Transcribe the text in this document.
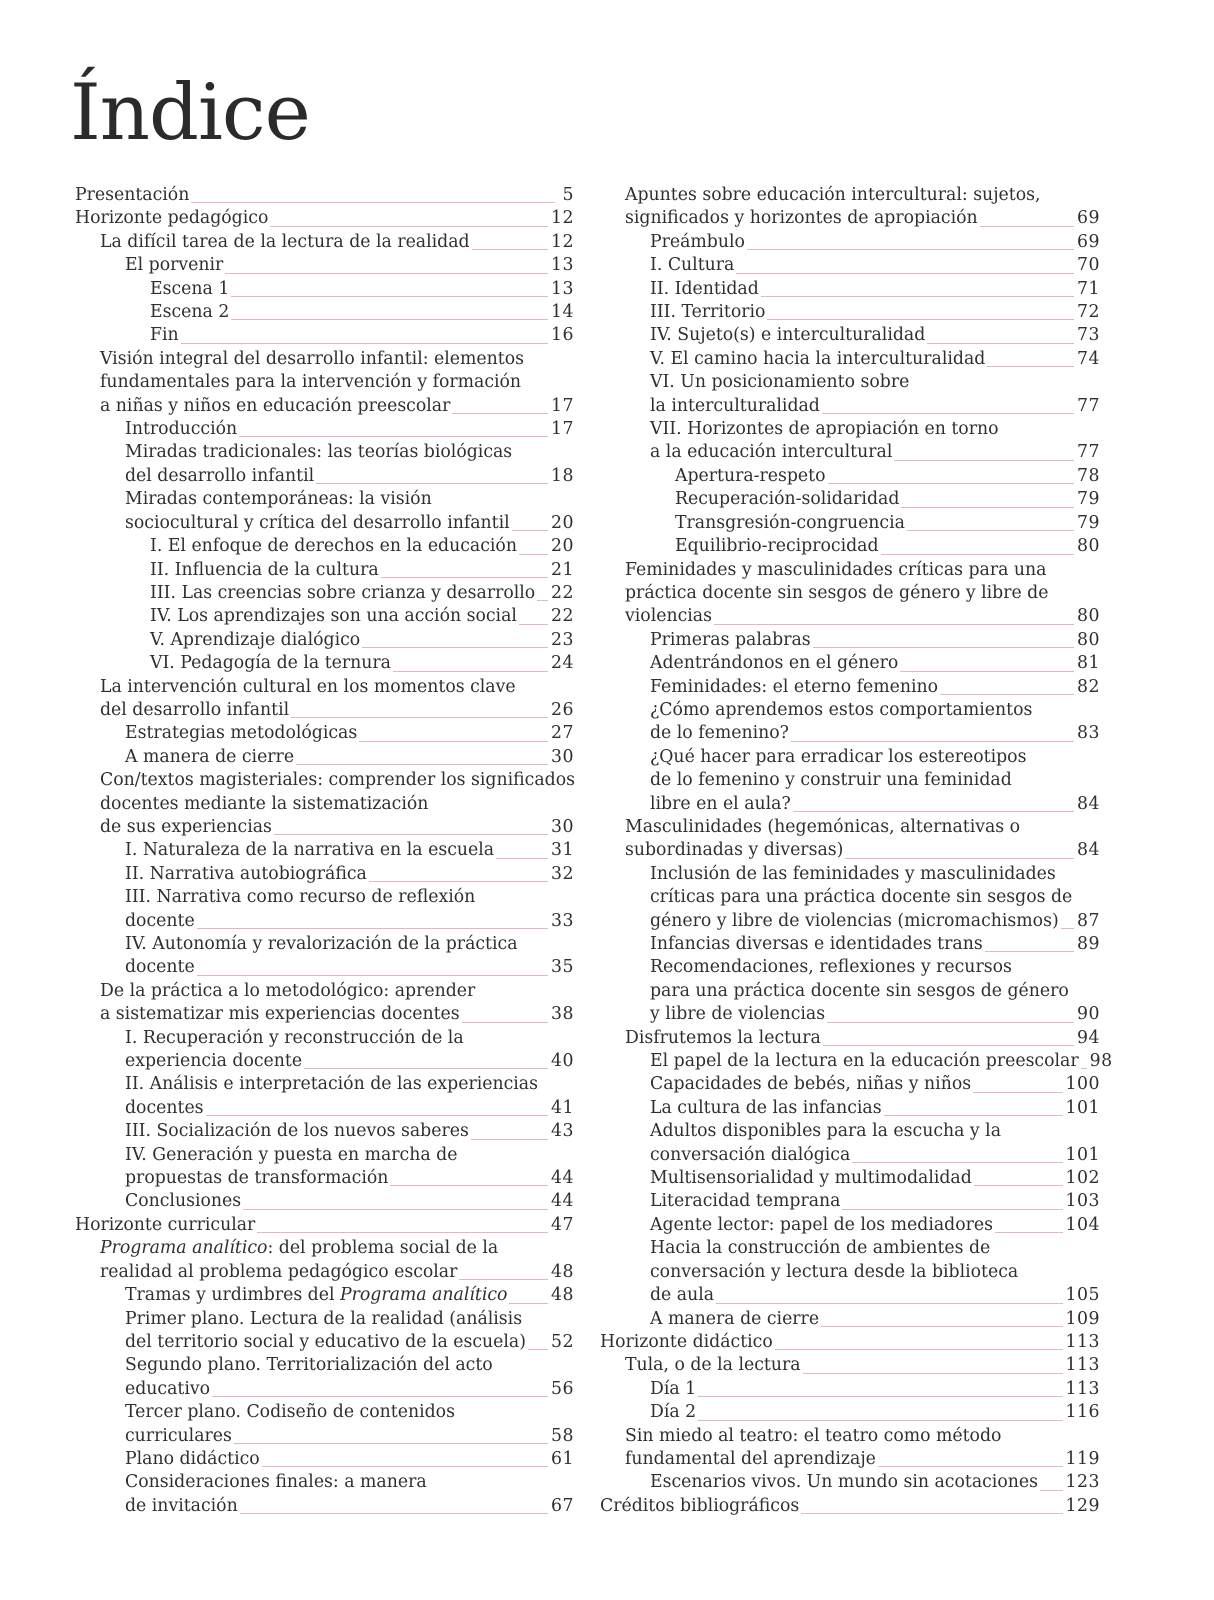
Índice
Presentación	5
Horizonte pedagógico	12
La difícil tarea de la lectura de la realidad	12
El porvenir	13
Escena 1	13
Escena 2	14
Fin	16
Visión integral del desarrollo infantil: elementos
fundamentales para la intervención y formación
a niñas y niños en educación preescolar	17
Introducción	17
Miradas tradicionales: las teorías biológicas
del desarrollo infantil	18
Miradas contemporáneas: la visión
sociocultural y crítica del desarrollo infantil 20
I. El enfoque de derechos en la educación 20
II. Influencia de la cultura	21
III. Las creencias sobre crianza y desarrollo 22
IV. Los aprendizajes son una acción social 22
V. Aprendizaje dialógico	23
VI. Pedagogía de la ternura	24
La intervención cultural en los momentos clave
del desarrollo infantil	26
Estrategias metodológicas	27
A manera de cierre	30
Con/textos magisteriales: comprender los significados
docentes mediante la sistematización
de sus experiencias	30
I. Naturaleza de la narrativa en la escuela	31
II. Narrativa autobiográfica	32
III. Narrativa como recurso de reflexión
docente	33
IV. Autonomía y revalorización de la práctica
docente	35
De la práctica a lo metodológico: aprender
a sistematizar mis experiencias docentes	38
I. Recuperación y reconstrucción de la
experiencia docente	40
II. Análisis e interpretación de las experiencias
docentes	41
III. Socialización de los nuevos saberes	43
IV. Generación y puesta en marcha de
propuestas de transformación	44
Conclusiones	44
Horizonte curricular	47
Programa analítico: del problema social de la
realidad al problema pedagógico escolar	48
Tramas y urdimbres del Programa analítico	48
Primer plano. Lectura de la realidad (análisis
del territorio social y educativo de la escuela) 52
Segundo plano. Territorialización del acto
educativo	56
Tercer plano. Codiseño de contenidos
curriculares	58
Plano didáctico	61
Consideraciones finales: a manera
de invitación	67
Apuntes sobre educación intercultural: sujetos,
significados y horizontes de apropiación	69
Preámbulo	69
I. Cultura	70
II. Identidad	71
III. Territorio	72
IV. Sujeto(s) e interculturalidad	73
V. El camino hacia la interculturalidad	74
VI. Un posicionamiento sobre
la interculturalidad	77
VII. Horizontes de apropiación en torno
a la educación intercultural	77
Apertura-respeto	78
Recuperación-solidaridad	79
Transgresión-congruencia	79
Equilibrio-reciprocidad	80
Feminidades y masculinidades críticas para una
práctica docente sin sesgos de género y libre de
violencias	80
Primeras palabras	80
Adentrándonos en el género	81
Feminidades: el eterno femenino	82
¿Cómo aprendemos estos comportamientos
de lo femenino?	83
¿Qué hacer para erradicar los estereotipos
de lo femenino y construir una feminidad
libre en el aula?	84
Masculinidades (hegemónicas, alternativas o
subordinadas y diversas)	84
Inclusión de las feminidades y masculinidades
críticas para una práctica docente sin sesgos de
género y libre de violencias (micromachismos) 87
Infancias diversas e identidades trans	89
Recomendaciones, reflexiones y recursos
para una práctica docente sin sesgos de género
y libre de violencias	90
Disfrutemos la lectura	94
El papel de la lectura en la educación preescolar 98
Capacidades de bebés, niñas y niños	100
La cultura de las infancias	101
Adultos disponibles para la escucha y la
conversación dialógica	101
Multisensorialidad y multimodalidad	102
Literacidad temprana	103
Agente lector: papel de los mediadores	104
Hacia la construcción de ambientes de
conversación y lectura desde la biblioteca
de aula	105
A manera de cierre	109
Horizonte didáctico	113
Tula, o de la lectura	113
Día 1	113
Día 2	116
Sin miedo al teatro: el teatro como método
fundamental del aprendizaje	119
Escenarios vivos. Un mundo sin acotaciones 123
Créditos bibliográficos	129
